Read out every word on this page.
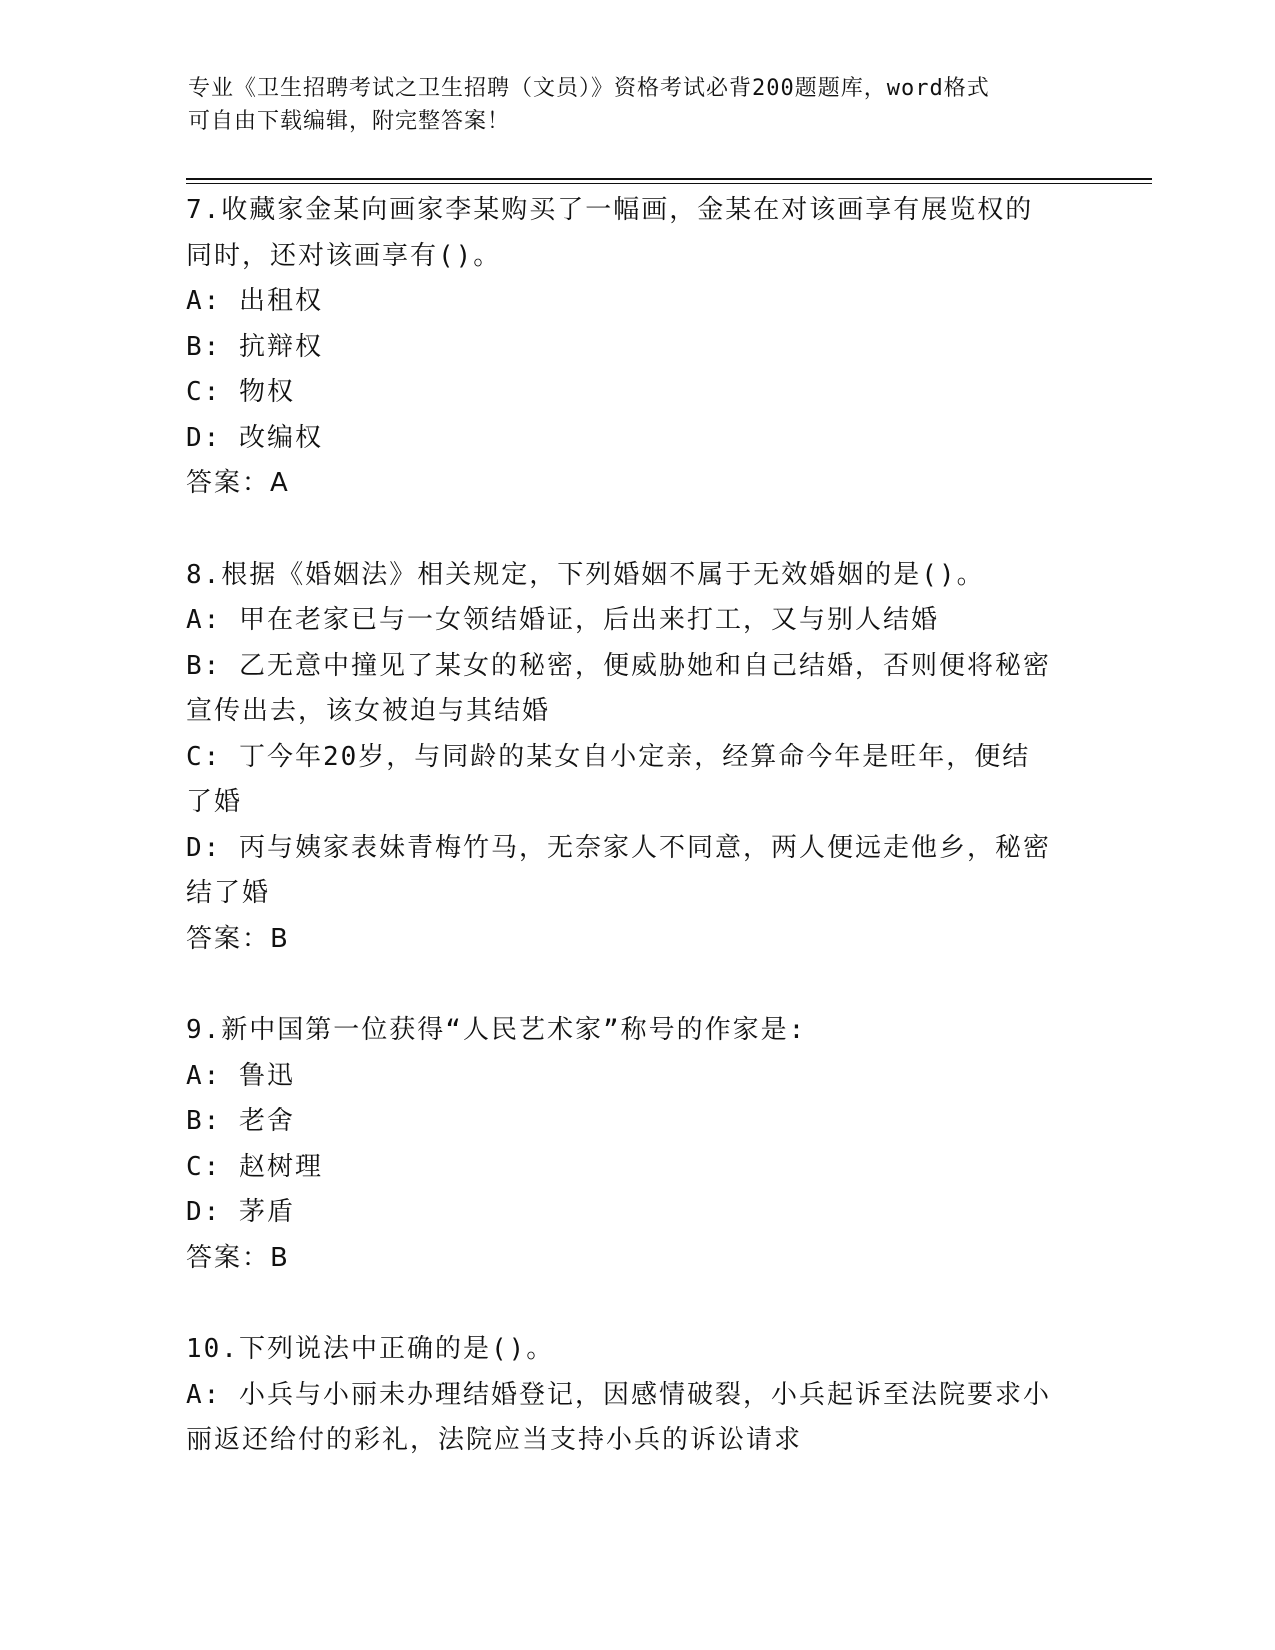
专业《卫生招聘考试之卫生招聘（文员）》资格考试必背200题题库，word格式
可自由下载编辑，附完整答案！
7.收藏家金某向画家李某购买了一幅画，金某在对该画享有展览权的
同时，还对该画享有()。
A: 出租权
B: 抗辩权
C: 物权
D: 改编权
答案：A
8.根据《婚姻法》相关规定，下列婚姻不属于无效婚姻的是()。
A: 甲在老家已与一女领结婚证，后出来打工，又与别人结婚
B: 乙无意中撞见了某女的秘密，便威胁她和自己结婚，否则便将秘密
宣传出去，该女被迫与其结婚
C: 丁今年20岁，与同龄的某女自小定亲，经算命今年是旺年，便结
了婚
D: 丙与姨家表妹青梅竹马，无奈家人不同意，两人便远走他乡，秘密
结了婚
答案：B
9.新中国第一位获得“人民艺术家”称号的作家是:
A: 鲁迅
B: 老舍
C: 赵树理
D: 茅盾
答案：B
10.下列说法中正确的是()。
A: 小兵与小丽未办理结婚登记，因感情破裂，小兵起诉至法院要求小
丽返还给付的彩礼，法院应当支持小兵的诉讼请求
